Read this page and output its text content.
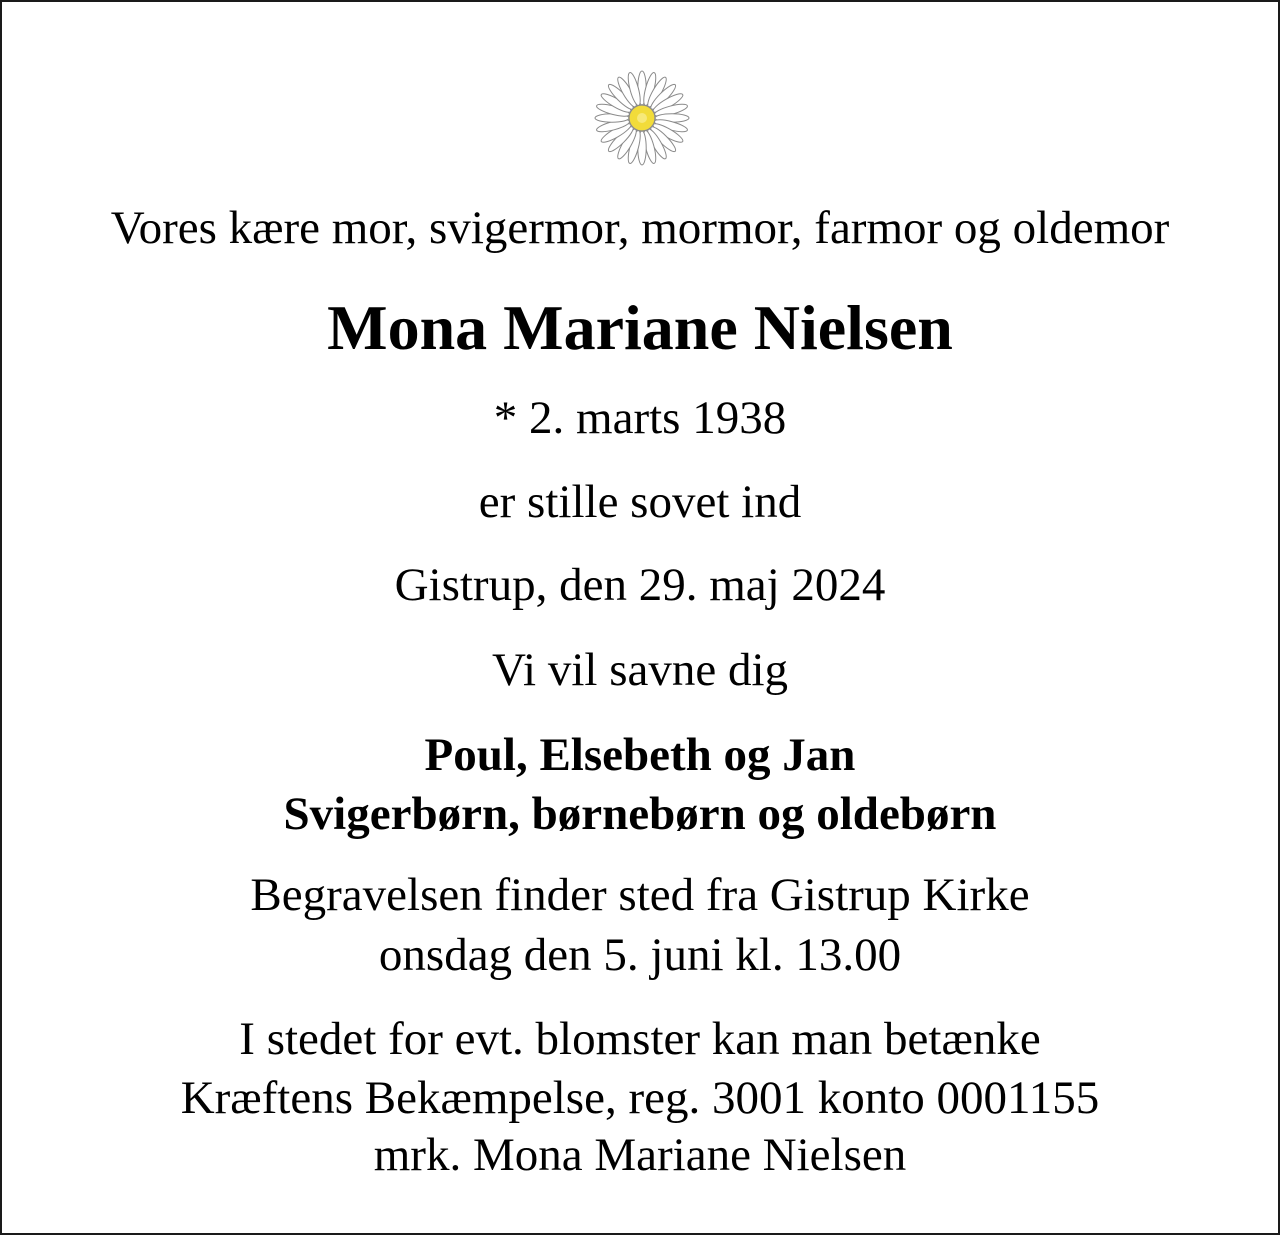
Vores kære mor, svigermor, mormor, farmor og oldemor
Mona Mariane Nielsen
* 2. marts 1938
er stille sovet ind
Gistrup, den 29. maj 2024
Vi vil savne dig
Poul, Elsebeth og Jan
Svigerbørn, børnebørn og oldebørn
Begravelsen finder sted fra Gistrup Kirke
onsdag den 5. juni kl. 13.00
I stedet for evt. blomster kan man betænke
Kræftens Bekæmpelse, reg. 3001 konto 0001155
mrk. Mona Mariane Nielsen
